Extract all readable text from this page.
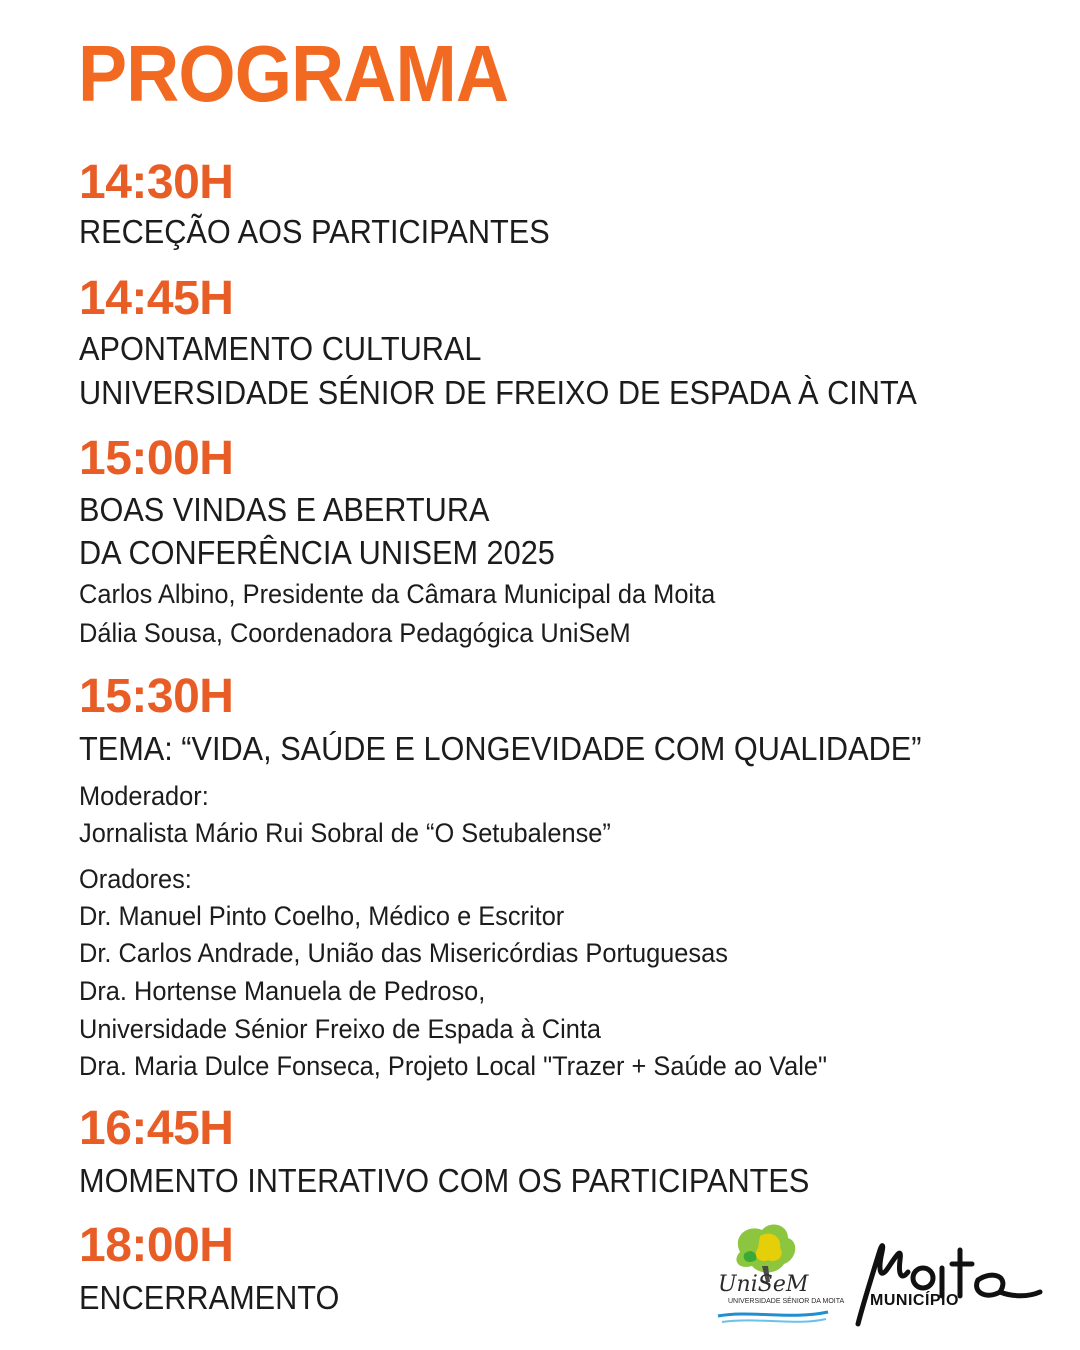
PROGRAMA
14:30H
RECEÇÃO AOS PARTICIPANTES
14:45H
APONTAMENTO CULTURAL
UNIVERSIDADE SÉNIOR DE FREIXO DE ESPADA À CINTA
15:00H
BOAS VINDAS E ABERTURA
DA CONFERÊNCIA UNISEM 2025
Carlos Albino, Presidente da Câmara Municipal da Moita
Dália Sousa, Coordenadora Pedagógica UniSeM
15:30H
TEMA: “VIDA, SAÚDE E LONGEVIDADE COM QUALIDADE”
Moderador:
Jornalista Mário Rui Sobral de “O Setubalense”
Oradores:
Dr. Manuel Pinto Coelho, Médico e Escritor
Dr. Carlos Andrade, União das Misericórdias Portuguesas
Dra. Hortense Manuela de Pedroso,
Universidade Sénior Freixo de Espada à Cinta
Dra. Maria Dulce Fonseca, Projeto Local "Trazer + Saúde ao Vale"
16:45H
MOMENTO INTERATIVO COM OS PARTICIPANTES
18:00H
ENCERRAMENTO	UniSeM
UNIVERSIDADE SÉNIOR DA MOITA MUNICÍPIO
